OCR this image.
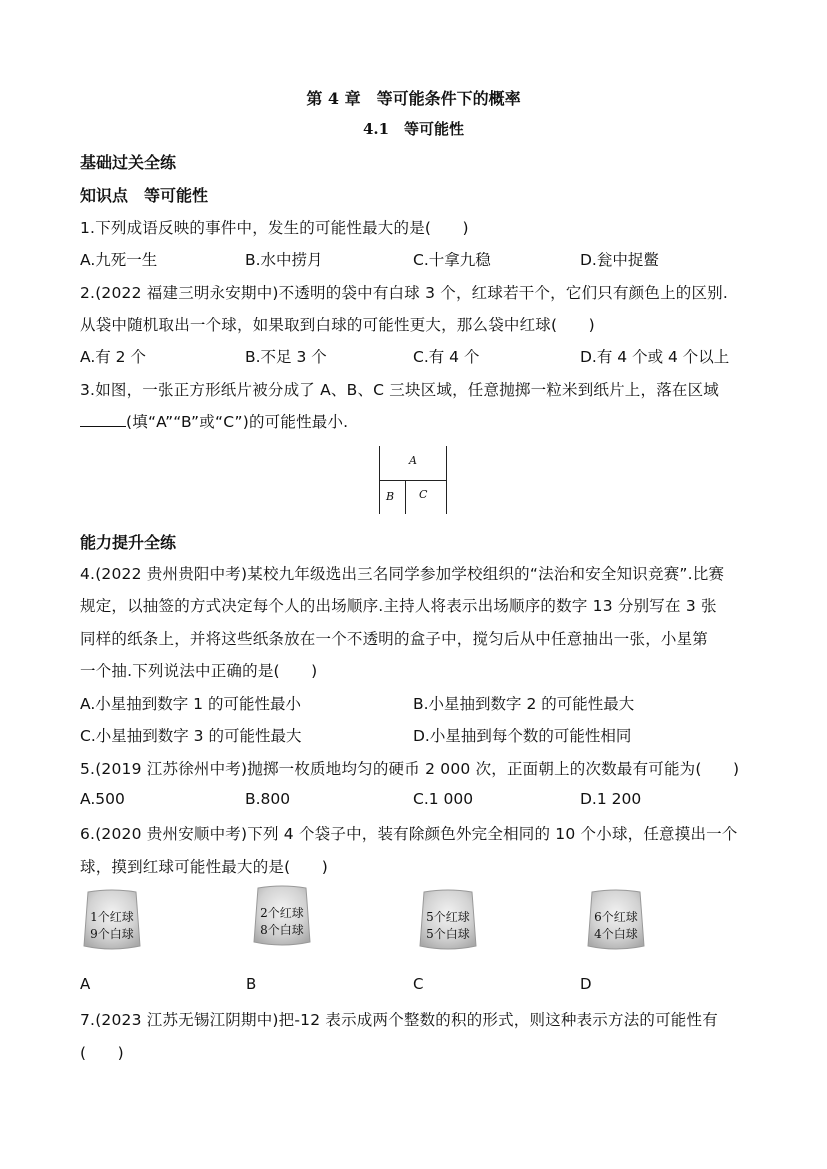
第 4 章　等可能条件下的概率
4.1　等可能性
基础过关全练
知识点　等可能性
1.下列成语反映的事件中，发生的可能性最大的是(　　)
A.九死一生	B.水中捞月	C.十拿九稳	D.瓮中捉鳖
2.(2022 福建三明永安期中)不透明的袋中有白球 3 个，红球若干个，它们只有颜色上的区别.
从袋中随机取出一个球，如果取到白球的可能性更大，那么袋中红球(　　)
A.有 2 个	B.不足 3 个	C.有 4 个	D.有 4 个或 4 个以上
3.如图，一张正方形纸片被分成了 A、B、C 三块区域，任意抛掷一粒米到纸片上，落在区域
(填“A”“B”或“C”)的可能性最小.
A
B C
能力提升全练
4.(2022 贵州贵阳中考)某校九年级选出三名同学参加学校组织的“法治和安全知识竞赛”.比赛
规定，以抽签的方式决定每个人的出场顺序.主持人将表示出场顺序的数字 13 分别写在 3 张
同样的纸条上，并将这些纸条放在一个不透明的盒子中，搅匀后从中任意抽出一张，小星第
一个抽.下列说法中正确的是(　　)
A.小星抽到数字 1 的可能性最小	B.小星抽到数字 2 的可能性最大
C.小星抽到数字 3 的可能性最大	D.小星抽到每个数的可能性相同
5.(2019 江苏徐州中考)抛掷一枚质地均匀的硬币 2 000 次，正面朝上的次数最有可能为(　　)
A.500	B.800	C.1 000	D.1 200
6.(2020 贵州安顺中考)下列 4 个袋子中，装有除颜色外完全相同的 10 个小球，任意摸出一个
球，摸到红球可能性最大的是(　　)
1个红球
9个白球
2个红球
8个白球
5个红球
5个白球
6个红球
4个白球
A	B	C	D
7.(2023 江苏无锡江阴期中)把-12 表示成两个整数的积的形式，则这种表示方法的可能性有
(　　)
